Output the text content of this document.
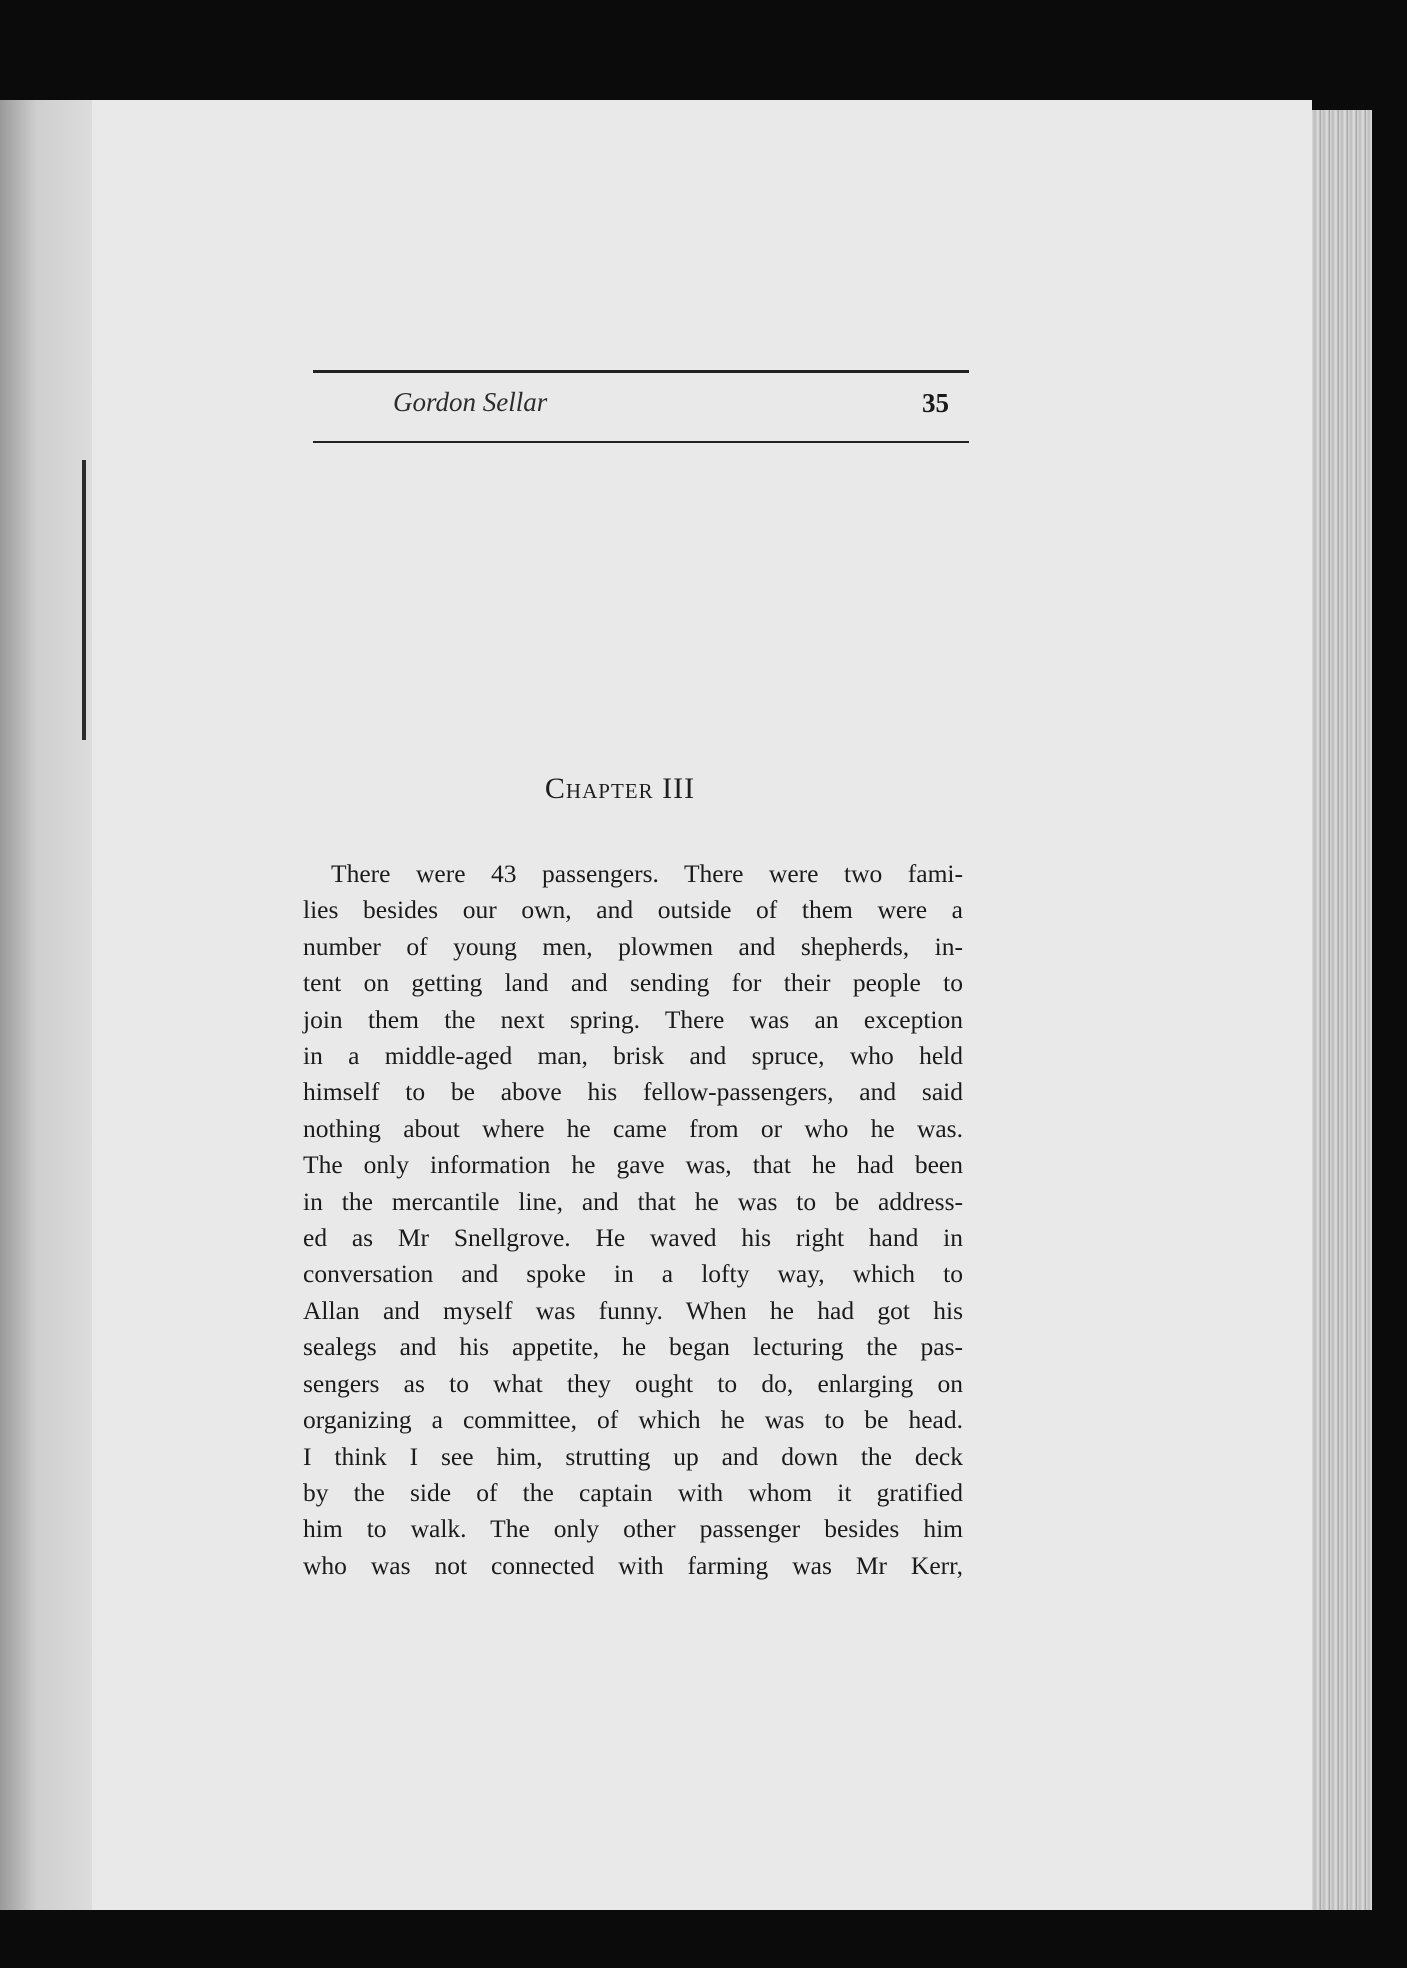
Gordon Sellar	35
Chapter III
There were 43 passengers. There were two fami-
lies besides our own, and outside of them were a
number of young men, plowmen and shepherds, in-
tent on getting land and sending for their people to
join them the next spring. There was an exception
in a middle-aged man, brisk and spruce, who held
himself to be above his fellow-passengers, and said
nothing about where he came from or who he was.
The only information he gave was, that he had been
in the mercantile line, and that he was to be address-
ed as Mr Snellgrove. He waved his right hand in
conversation and spoke in a lofty way, which to
Allan and myself was funny. When he had got his
sealegs and his appetite, he began lecturing the pas-
sengers as to what they ought to do, enlarging on
organizing a committee, of which he was to be head.
I think I see him, strutting up and down the deck
by the side of the captain with whom it gratified
him to walk. The only other passenger besides him
who was not connected with farming was Mr Kerr,
